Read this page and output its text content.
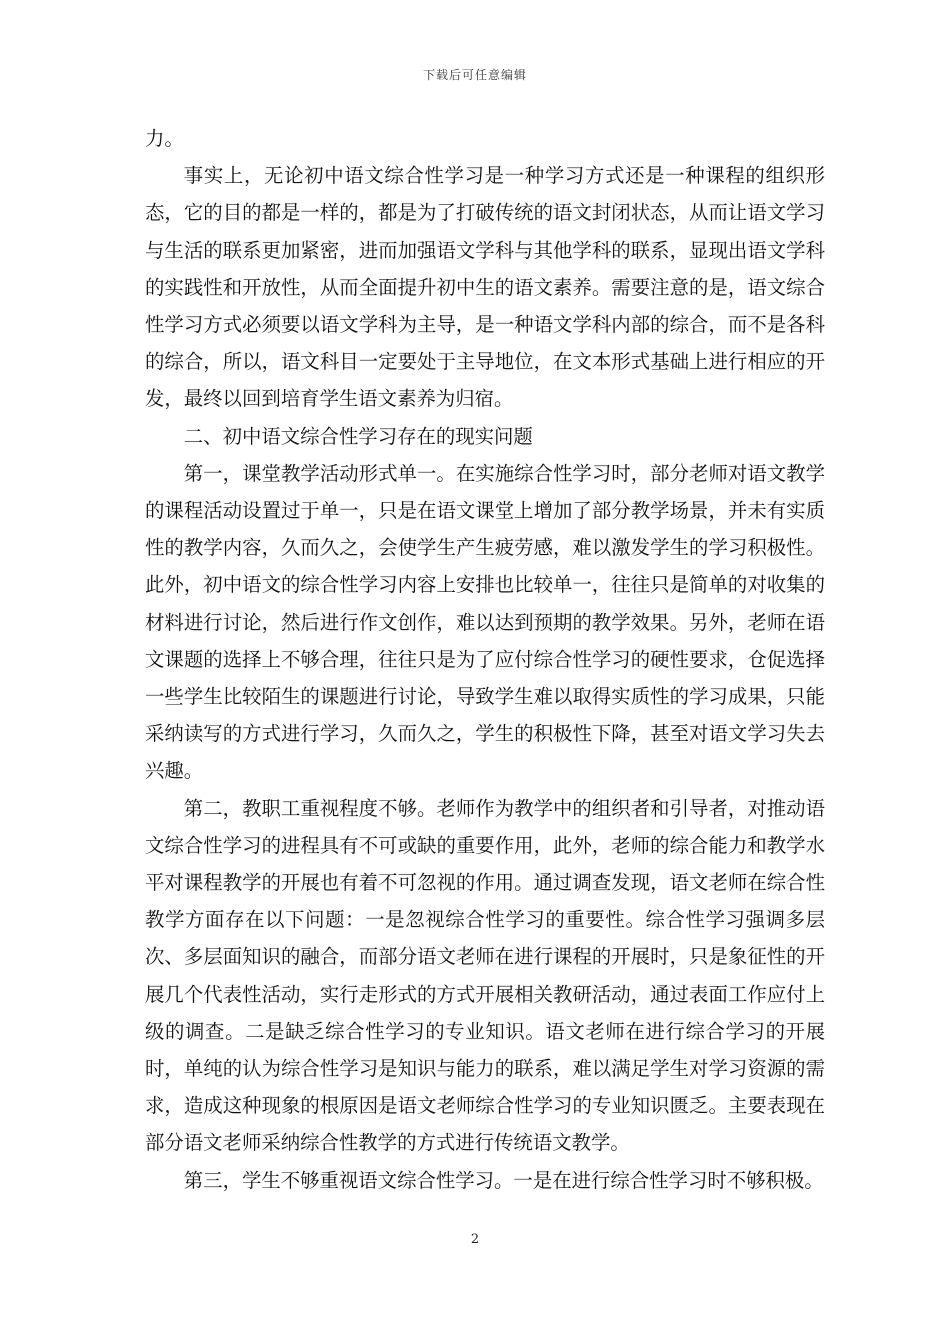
下载后可任意编辑

力。

事实上，无论初中语文综合性学习是一种学习方式还是一种课程的组织形态，它的目的都是一样的，都是为了打破传统的语文封闭状态，从而让语文学习与生活的联系更加紧密，进而加强语文学科与其他学科的联系，显现出语文学科的实践性和开放性，从而全面提升初中生的语文素养。需要注意的是，语文综合性学习方式必须要以语文学科为主导，是一种语文学科内部的综合，而不是各科的综合，所以，语文科目一定要处于主导地位，在文本形式基础上进行相应的开发，最终以回到培育学生语文素养为归宿。

二、初中语文综合性学习存在的现实问题

第一，课堂教学活动形式单一。在实施综合性学习时，部分老师对语文教学的课程活动设置过于单一，只是在语文课堂上增加了部分教学场景，并未有实质性的教学内容，久而久之，会使学生产生疲劳感，难以激发学生的学习积极性。此外，初中语文的综合性学习内容上安排也比较单一，往往只是简单的对收集的材料进行讨论，然后进行作文创作，难以达到预期的教学效果。另外，老师在语文课题的选择上不够合理，往往只是为了应付综合性学习的硬性要求，仓促选择一些学生比较陌生的课题进行讨论，导致学生难以取得实质性的学习成果，只能采纳读写的方式进行学习，久而久之，学生的积极性下降，甚至对语文学习失去兴趣。

第二，教职工重视程度不够。老师作为教学中的组织者和引导者，对推动语文综合性学习的进程具有不可或缺的重要作用，此外，老师的综合能力和教学水平对课程教学的开展也有着不可忽视的作用。通过调查发现，语文老师在综合性教学方面存在以下问题：一是忽视综合性学习的重要性。综合性学习强调多层次、多层面知识的融合，而部分语文老师在进行课程的开展时，只是象征性的开展几个代表性活动，实行走形式的方式开展相关教研活动，通过表面工作应付上级的调查。二是缺乏综合性学习的专业知识。语文老师在进行综合学习的开展时，单纯的认为综合性学习是知识与能力的联系，难以满足学生对学习资源的需求，造成这种现象的根原因是语文老师综合性学习的专业知识匮乏。主要表现在部分语文老师采纳综合性教学的方式进行传统语文教学。

第三，学生不够重视语文综合性学习。一是在进行综合性学习时不够积极。

2
